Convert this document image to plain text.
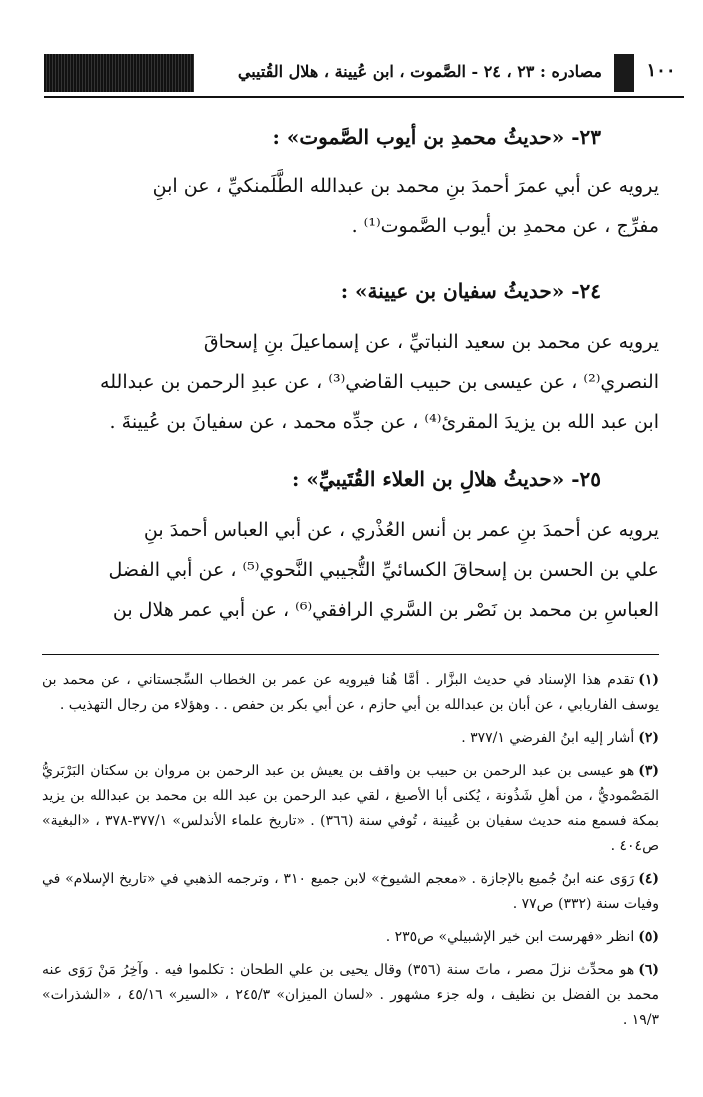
١٠٠
مصادره : ٢٣ ، ٢٤ - الصَّموت ، ابن عُيينة ، هلال القُتيبي
٢٣- «حديثُ محمدِ بن أيوب الصَّموت» :

يرويه عن أبي عمرَ أحمدَ بنِ محمد بن عبدالله الطَّلَمنكيِّ ، عن ابنِ

مفرِّج ، عن محمدِ بن أيوب الصَّموت⁽¹⁾ .

٢٤- «حديثُ سفيان بن عيينة» :

يرويه عن محمد بن سعيد النباتيِّ ، عن إسماعيلَ بنِ إسحاقَ

النصري⁽²⁾ ، عن عيسى بن حبيب القاضي⁽³⁾ ، عن عبدِ الرحمن بن عبدالله

ابن عبد الله بن يزيدَ المقرئ⁽⁴⁾ ، عن جدِّه محمد ، عن سفيانَ بن عُيينةَ .

٢٥- «حديثُ هلالِ بن العلاء القُتَيبيِّ» :

يرويه عن أحمدَ بنِ عمر بن أنس العُذْري ، عن أبي العباس أحمدَ بنِ

علي بن الحسن بن إسحاقَ الكسائيِّ التُّجيبي النَّحوي⁽⁵⁾ ، عن أبي الفضل

العباسِ بن محمد بن نَصْر بن السَّري الرافقي⁽⁶⁾ ، عن أبي عمر هلال بن

(١)تقدم هذا الإسناد في حديث البزَّار . أمَّا هُنا فيرويه عن عمر بن الخطاب السِّجستاني ، عن محمد بن يوسف الفاريابي ، عن أبان بن عبدالله بن أبي حازم ، عن أبي بكر بن حفص . . وهؤلاء من رجال التهذيب .

(٢)أشار إليه ابنُ الفرضي ٣٧٧/١ .

(٣)هو عيسى بن عبد الرحمن بن حبيب بن واقف بن يعيش بن عبد الرحمن بن مروان بن سكتان البَرْبَريُّ المَصْموديُّ ، من أهلِ شَذُونة ، يُكنى أبا الأصبغ ، لقي عبد الرحمن بن عبد الله بن محمد بن عبدالله بن يزيد بمكة فسمع منه حديث سفيان بن عُيينة ، تُوفي سنة (٣٦٦) . «تاريخ علماء الأندلس» ٣٧٧/١-٣٧٨ ، «البغية» ص٤٠٤ .

(٤)رَوَى عنه ابنُ جُميع بالإجازة . «معجم الشيوخ» لابن جميع ٣١٠ ، وترجمه الذهبي في «تاريخ الإسلام» في وفيات سنة (٣٣٢) ص٧٧ .

(٥)انظر «فهرست ابن خير الإشبيلي» ص٢٣٥ .

(٦)هو محدِّث نزلَ مصر ، ماتَ سنة (٣٥٦) وقال يحيى بن علي الطحان : تكلموا فيه . وآخِرُ مَنْ رَوَى عنه محمد بن الفضل بن نظيف ، وله جزء مشهور . «لسان الميزان» ٢٤٥/٣ ، «السير» ٤٥/١٦ ، «الشذرات» ١٩/٣ .
